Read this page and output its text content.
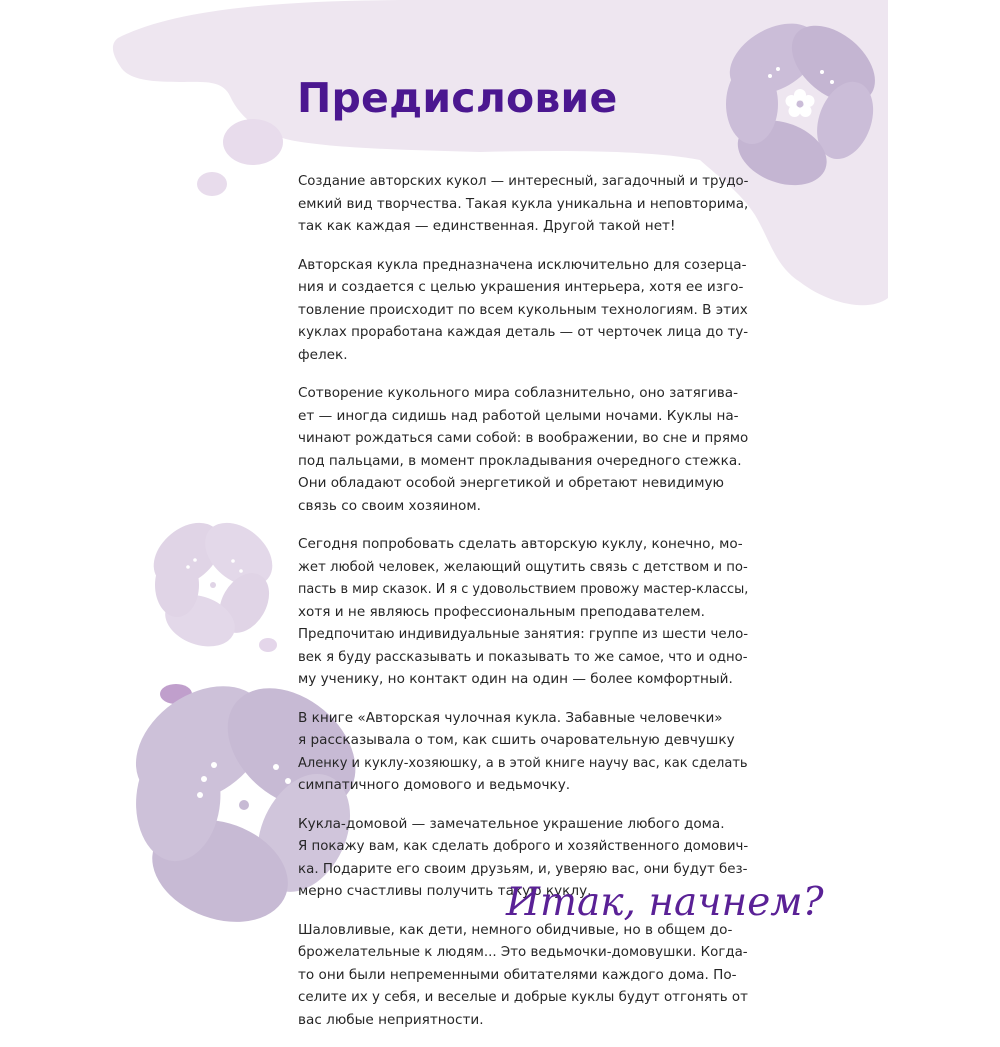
Предисловие

Создание авторских кукол — интересный, загадочный и трудо-
емкий вид творчества. Такая кукла уникальна и неповторима,
так как каждая — единственная. Другой такой нет!

Авторская кукла предназначена исключительно для созерца-
ния и создается с целью украшения интерьера, хотя ее изго-
товление происходит по всем кукольным технологиям. В этих
куклах проработана каждая деталь — от черточек лица до ту-
фелек.

Сотворение кукольного мира соблазнительно, оно затягива-
ет — иногда сидишь над работой целыми ночами. Куклы на-
чинают рождаться сами собой: в воображении, во сне и прямо
под пальцами, в момент прокладывания очередного стежка.
Они обладают особой энергетикой и обретают невидимую
связь со своим хозяином.

Сегодня попробовать сделать авторскую куклу, конечно, мо-
жет любой человек, желающий ощутить связь с детством и по-
пасть в мир сказок. И я с удовольствием провожу мастер-классы,
хотя и не являюсь профессиональным преподавателем.
Предпочитаю индивидуальные занятия: группе из шести чело-
век я буду рассказывать и показывать то же самое, что и одно-
му ученику, но контакт один на один — более комфортный.

В книге «Авторская чулочная кукла. Забавные человечки»
я рассказывала о том, как сшить очаровательную девчушку
Аленку и куклу-хозяюшку, а в этой книге научу вас, как сделать
симпатичного домового и ведьмочку.

Кукла-домовой — замечательное украшение любого дома.
Я покажу вам, как сделать доброго и хозяйственного домович-
ка. Подарите его своим друзьям, и, уверяю вас, они будут без-
мерно счастливы получить такую куклу.

Шаловливые, как дети, немного обидчивые, но в общем до-
брожелательные к людям... Это ведьмочки-домовушки. Когда-
то они были непременными обитателями каждого дома. По-
селите их у себя, и веселые и добрые куклы будут отгонять от
вас любые неприятности.

Итак, начнем?
